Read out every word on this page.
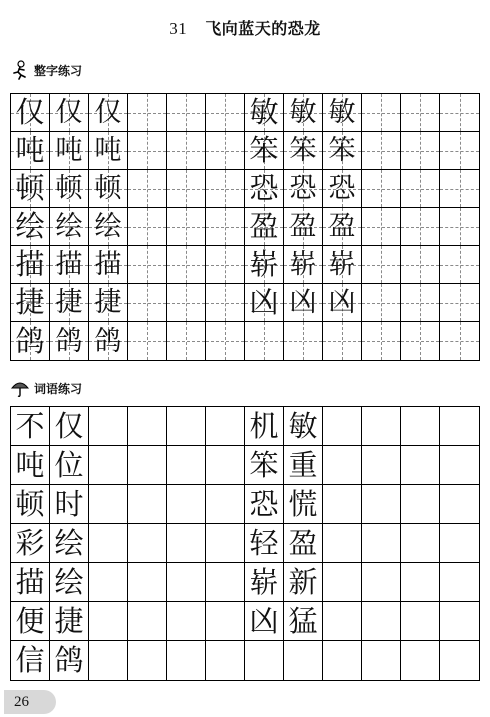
31 飞向蓝天的恐龙
整字练习
仅 仅 仅	敏 敏 敏
吨 吨 吨	笨 笨 笨
顿 顿 顿	恐 恐 恐
绘 绘 绘	盈 盈 盈
描 描 描	崭 崭 崭
捷 捷 捷	凶 凶 凶
鸽 鸽 鸽
词语练习
不 仅	机 敏
吨 位	笨 重
顿 时	恐 慌
彩 绘	轻 盈
描 绘	崭 新
便 捷	凶 猛
信 鸽
26
